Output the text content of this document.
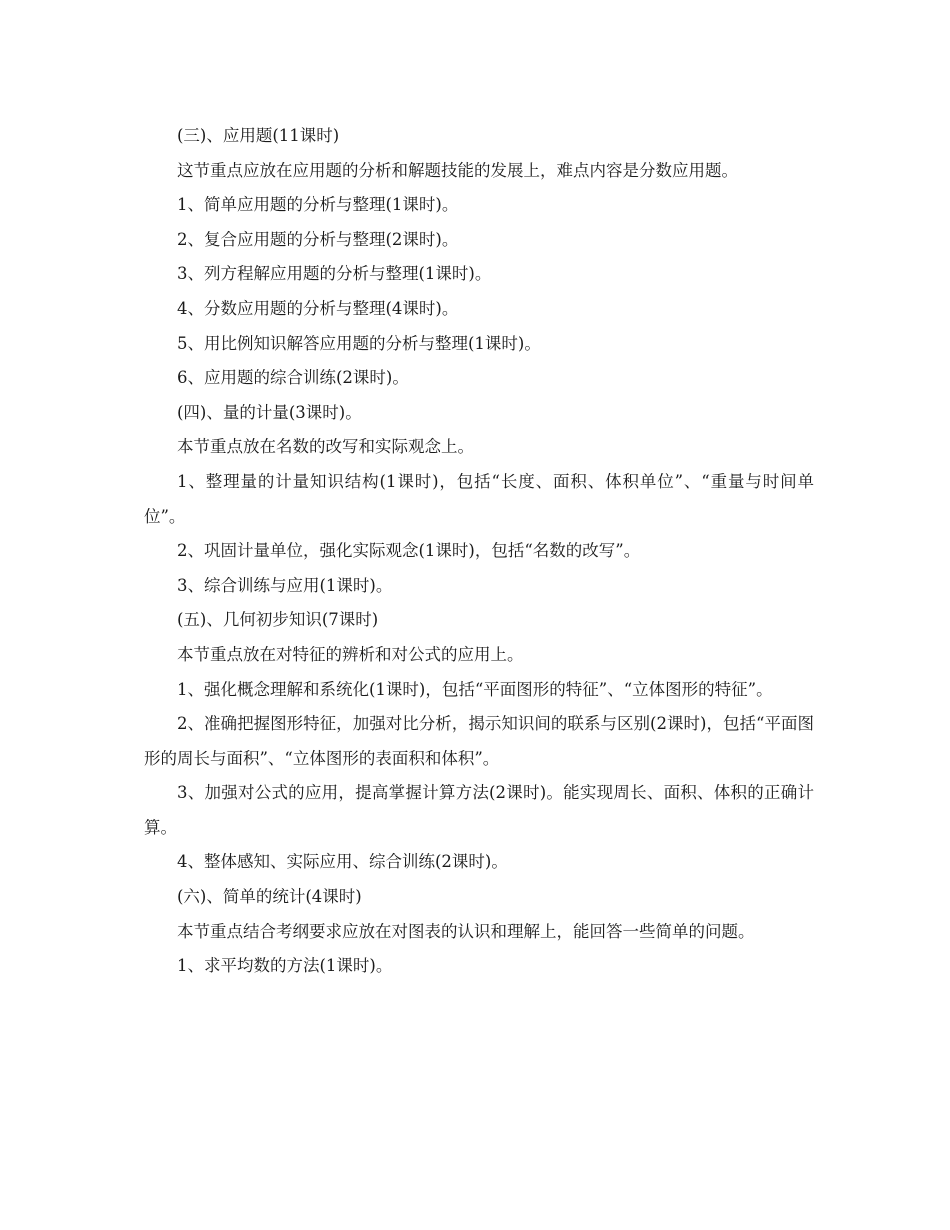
(三)、应用题(11课时)

这节重点应放在应用题的分析和解题技能的发展上，难点内容是分数应用题。

1、简单应用题的分析与整理(1课时)。

2、复合应用题的分析与整理(2课时)。

3、列方程解应用题的分析与整理(1课时)。

4、分数应用题的分析与整理(4课时)。

5、用比例知识解答应用题的分析与整理(1课时)。

6、应用题的综合训练(2课时)。

(四)、量的计量(3课时)。

本节重点放在名数的改写和实际观念上。

1、整理量的计量知识结构(1课时)，包括“长度、面积、体积单位”、“重量与时间单位”。

2、巩固计量单位，强化实际观念(1课时)，包括“名数的改写”。

3、综合训练与应用(1课时)。

(五)、几何初步知识(7课时)

本节重点放在对特征的辨析和对公式的应用上。

1、强化概念理解和系统化(1课时)，包括“平面图形的特征”、“立体图形的特征”。

2、准确把握图形特征，加强对比分析，揭示知识间的联系与区别(2课时)，包括“平面图形的周长与面积”、“立体图形的表面积和体积”。

3、加强对公式的应用，提高掌握计算方法(2课时)。能实现周长、面积、体积的正确计算。

4、整体感知、实际应用、综合训练(2课时)。

(六)、简单的统计(4课时)

本节重点结合考纲要求应放在对图表的认识和理解上，能回答一些简单的问题。

1、求平均数的方法(1课时)。
